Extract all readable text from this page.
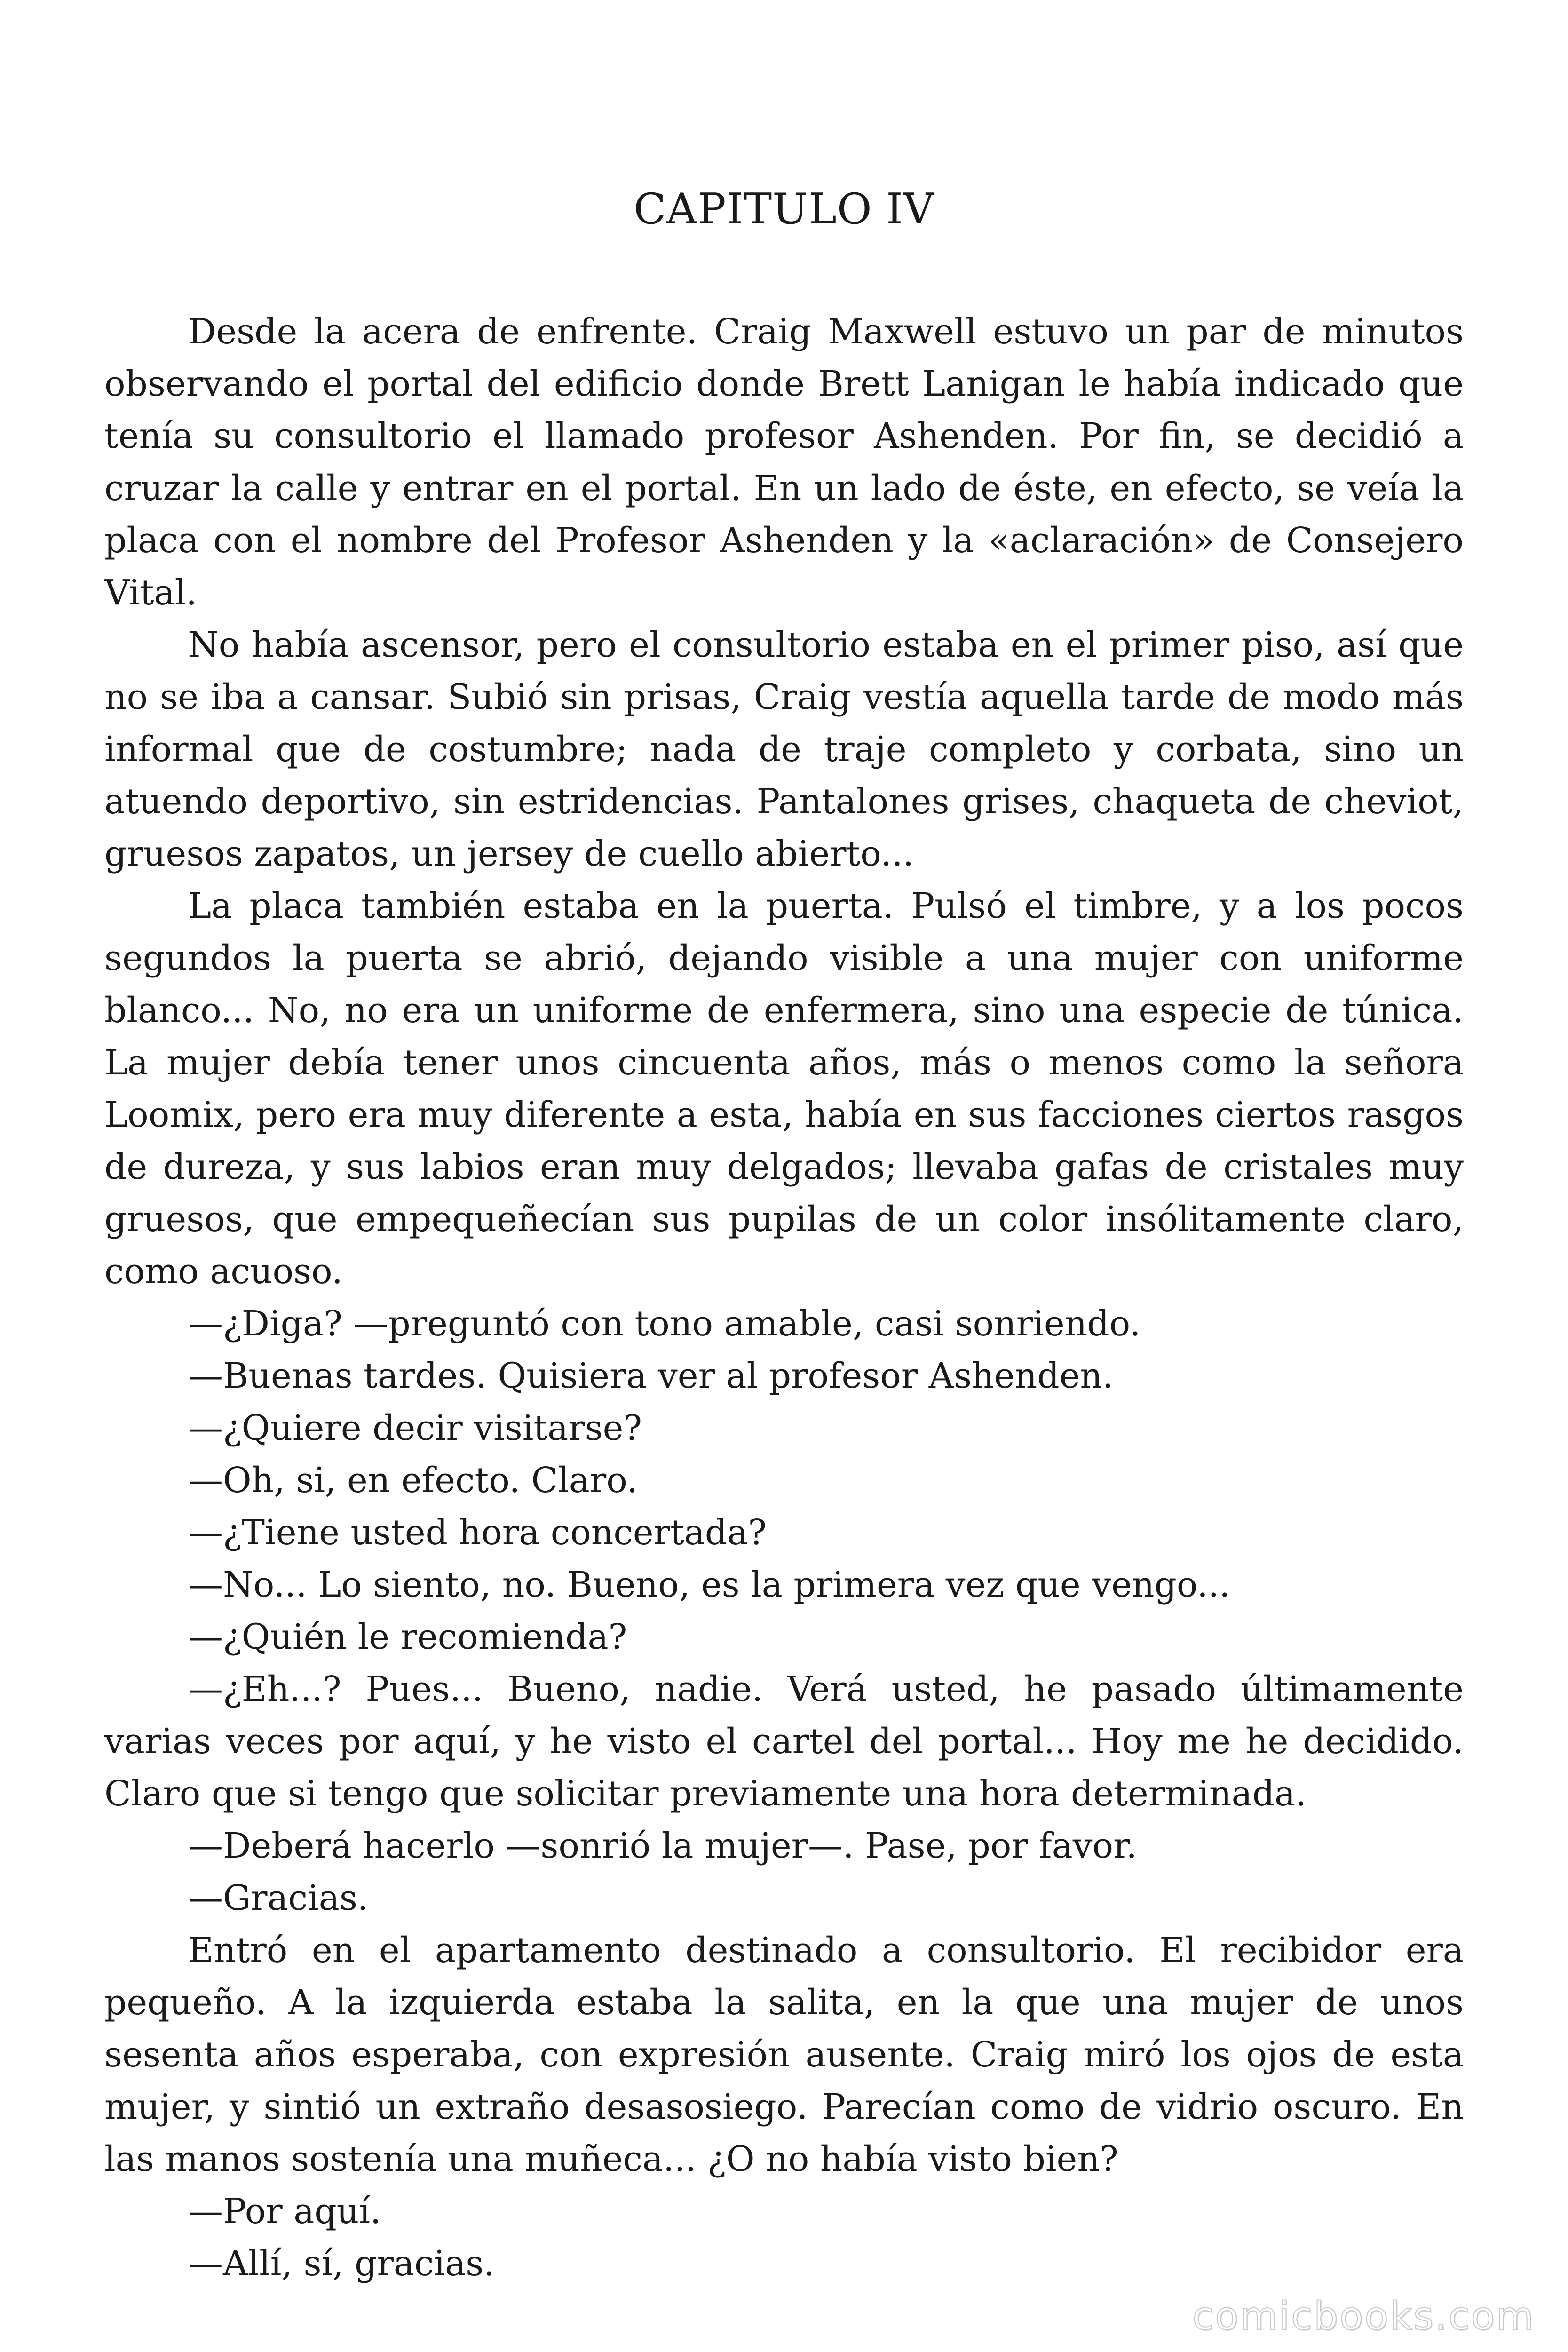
CAPITULO IV

Desde la acera de enfrente. Craig Maxwell estuvo un par de minutos observando el portal del edificio donde Brett Lanigan le había indicado que tenía su consultorio el llamado profesor Ashenden. Por fin, se decidió a cruzar la calle y entrar en el portal. En un lado de éste, en efecto, se veía la placa con el nombre del Profesor Ashenden y la «aclaración» de Consejero Vital.

No había ascensor, pero el consultorio estaba en el primer piso, así que no se iba a cansar. Subió sin prisas, Craig vestía aquella tarde de modo más informal que de costumbre; nada de traje completo y corbata, sino un atuendo deportivo, sin estridencias. Pantalones grises, chaqueta de cheviot, gruesos zapatos, un jersey de cuello abierto...

La placa también estaba en la puerta. Pulsó el timbre, y a los pocos segundos la puerta se abrió, dejando visible a una mujer con uniforme blanco... No, no era un uniforme de enfermera, sino una especie de túnica. La mujer debía tener unos cincuenta años, más o menos como la señora Loomix, pero era muy diferente a esta, había en sus facciones ciertos rasgos de dureza, y sus labios eran muy delgados; llevaba gafas de cristales muy gruesos, que empequeñecían sus pupilas de un color insólitamente claro, como acuoso.

—¿Diga? —preguntó con tono amable, casi sonriendo.

—Buenas tardes. Quisiera ver al profesor Ashenden.

—¿Quiere decir visitarse?

—Oh, si, en efecto. Claro.

—¿Tiene usted hora concertada?

—No... Lo siento, no. Bueno, es la primera vez que vengo...

—¿Quién le recomienda?

—¿Eh...? Pues... Bueno, nadie. Verá usted, he pasado últimamente varias veces por aquí, y he visto el cartel del portal... Hoy me he decidido. Claro que si tengo que solicitar previamente una hora determinada.

—Deberá hacerlo —sonrió la mujer—. Pase, por favor.

—Gracias.

Entró en el apartamento destinado a consultorio. El recibidor era pequeño. A la izquierda estaba la salita, en la que una mujer de unos sesenta años esperaba, con expresión ausente. Craig miró los ojos de esta mujer, y sintió un extraño desasosiego. Parecían como de vidrio oscuro. En las manos sostenía una muñeca... ¿O no había visto bien?

—Por aquí.

—Allí, sí, gracias.

comicbooks.com
